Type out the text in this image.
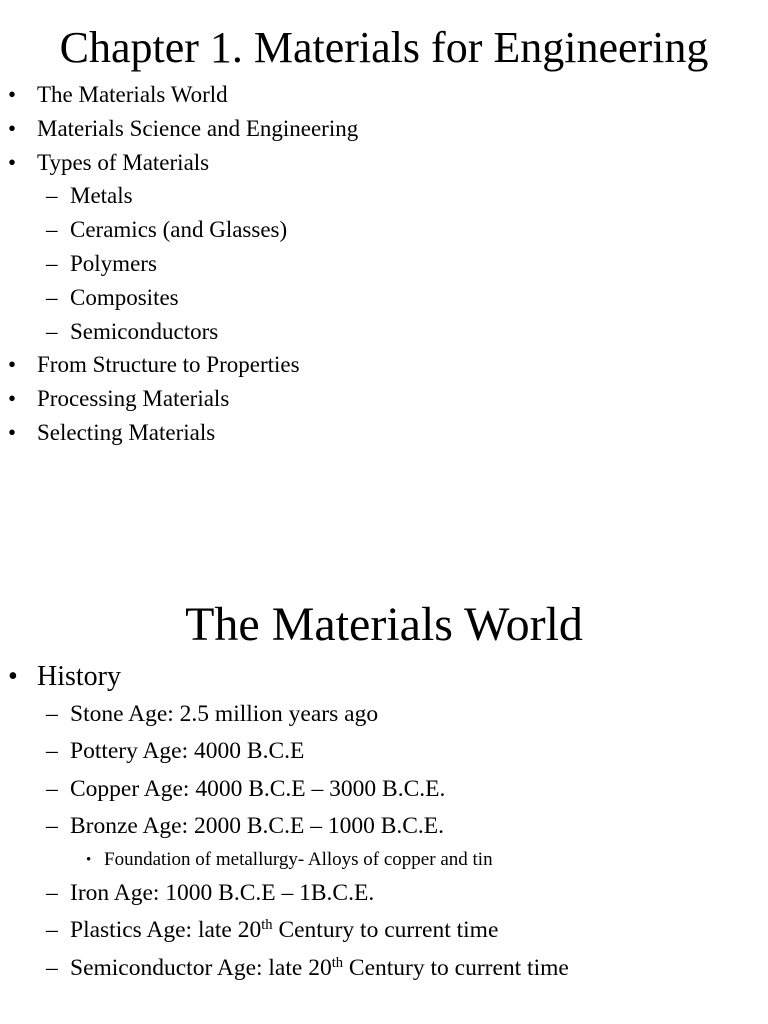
Chapter 1. Materials for Engineering
• The Materials World
• Materials Science and Engineering
• Types of Materials
– Metals
– Ceramics (and Glasses)
– Polymers
– Composites
– Semiconductors
• From Structure to Properties
• Processing Materials
• Selecting Materials
The Materials World
• History
– Stone Age: 2.5 million years ago
– Pottery Age: 4000 B.C.E
– Copper Age: 4000 B.C.E – 3000 B.C.E.
– Bronze Age: 2000 B.C.E – 1000 B.C.E.
• Foundation of metallurgy- Alloys of copper and tin
– Iron Age: 1000 B.C.E – 1B.C.E.
– Plastics Age: late 20th Century to current time
– Semiconductor Age: late 20th Century to current time
